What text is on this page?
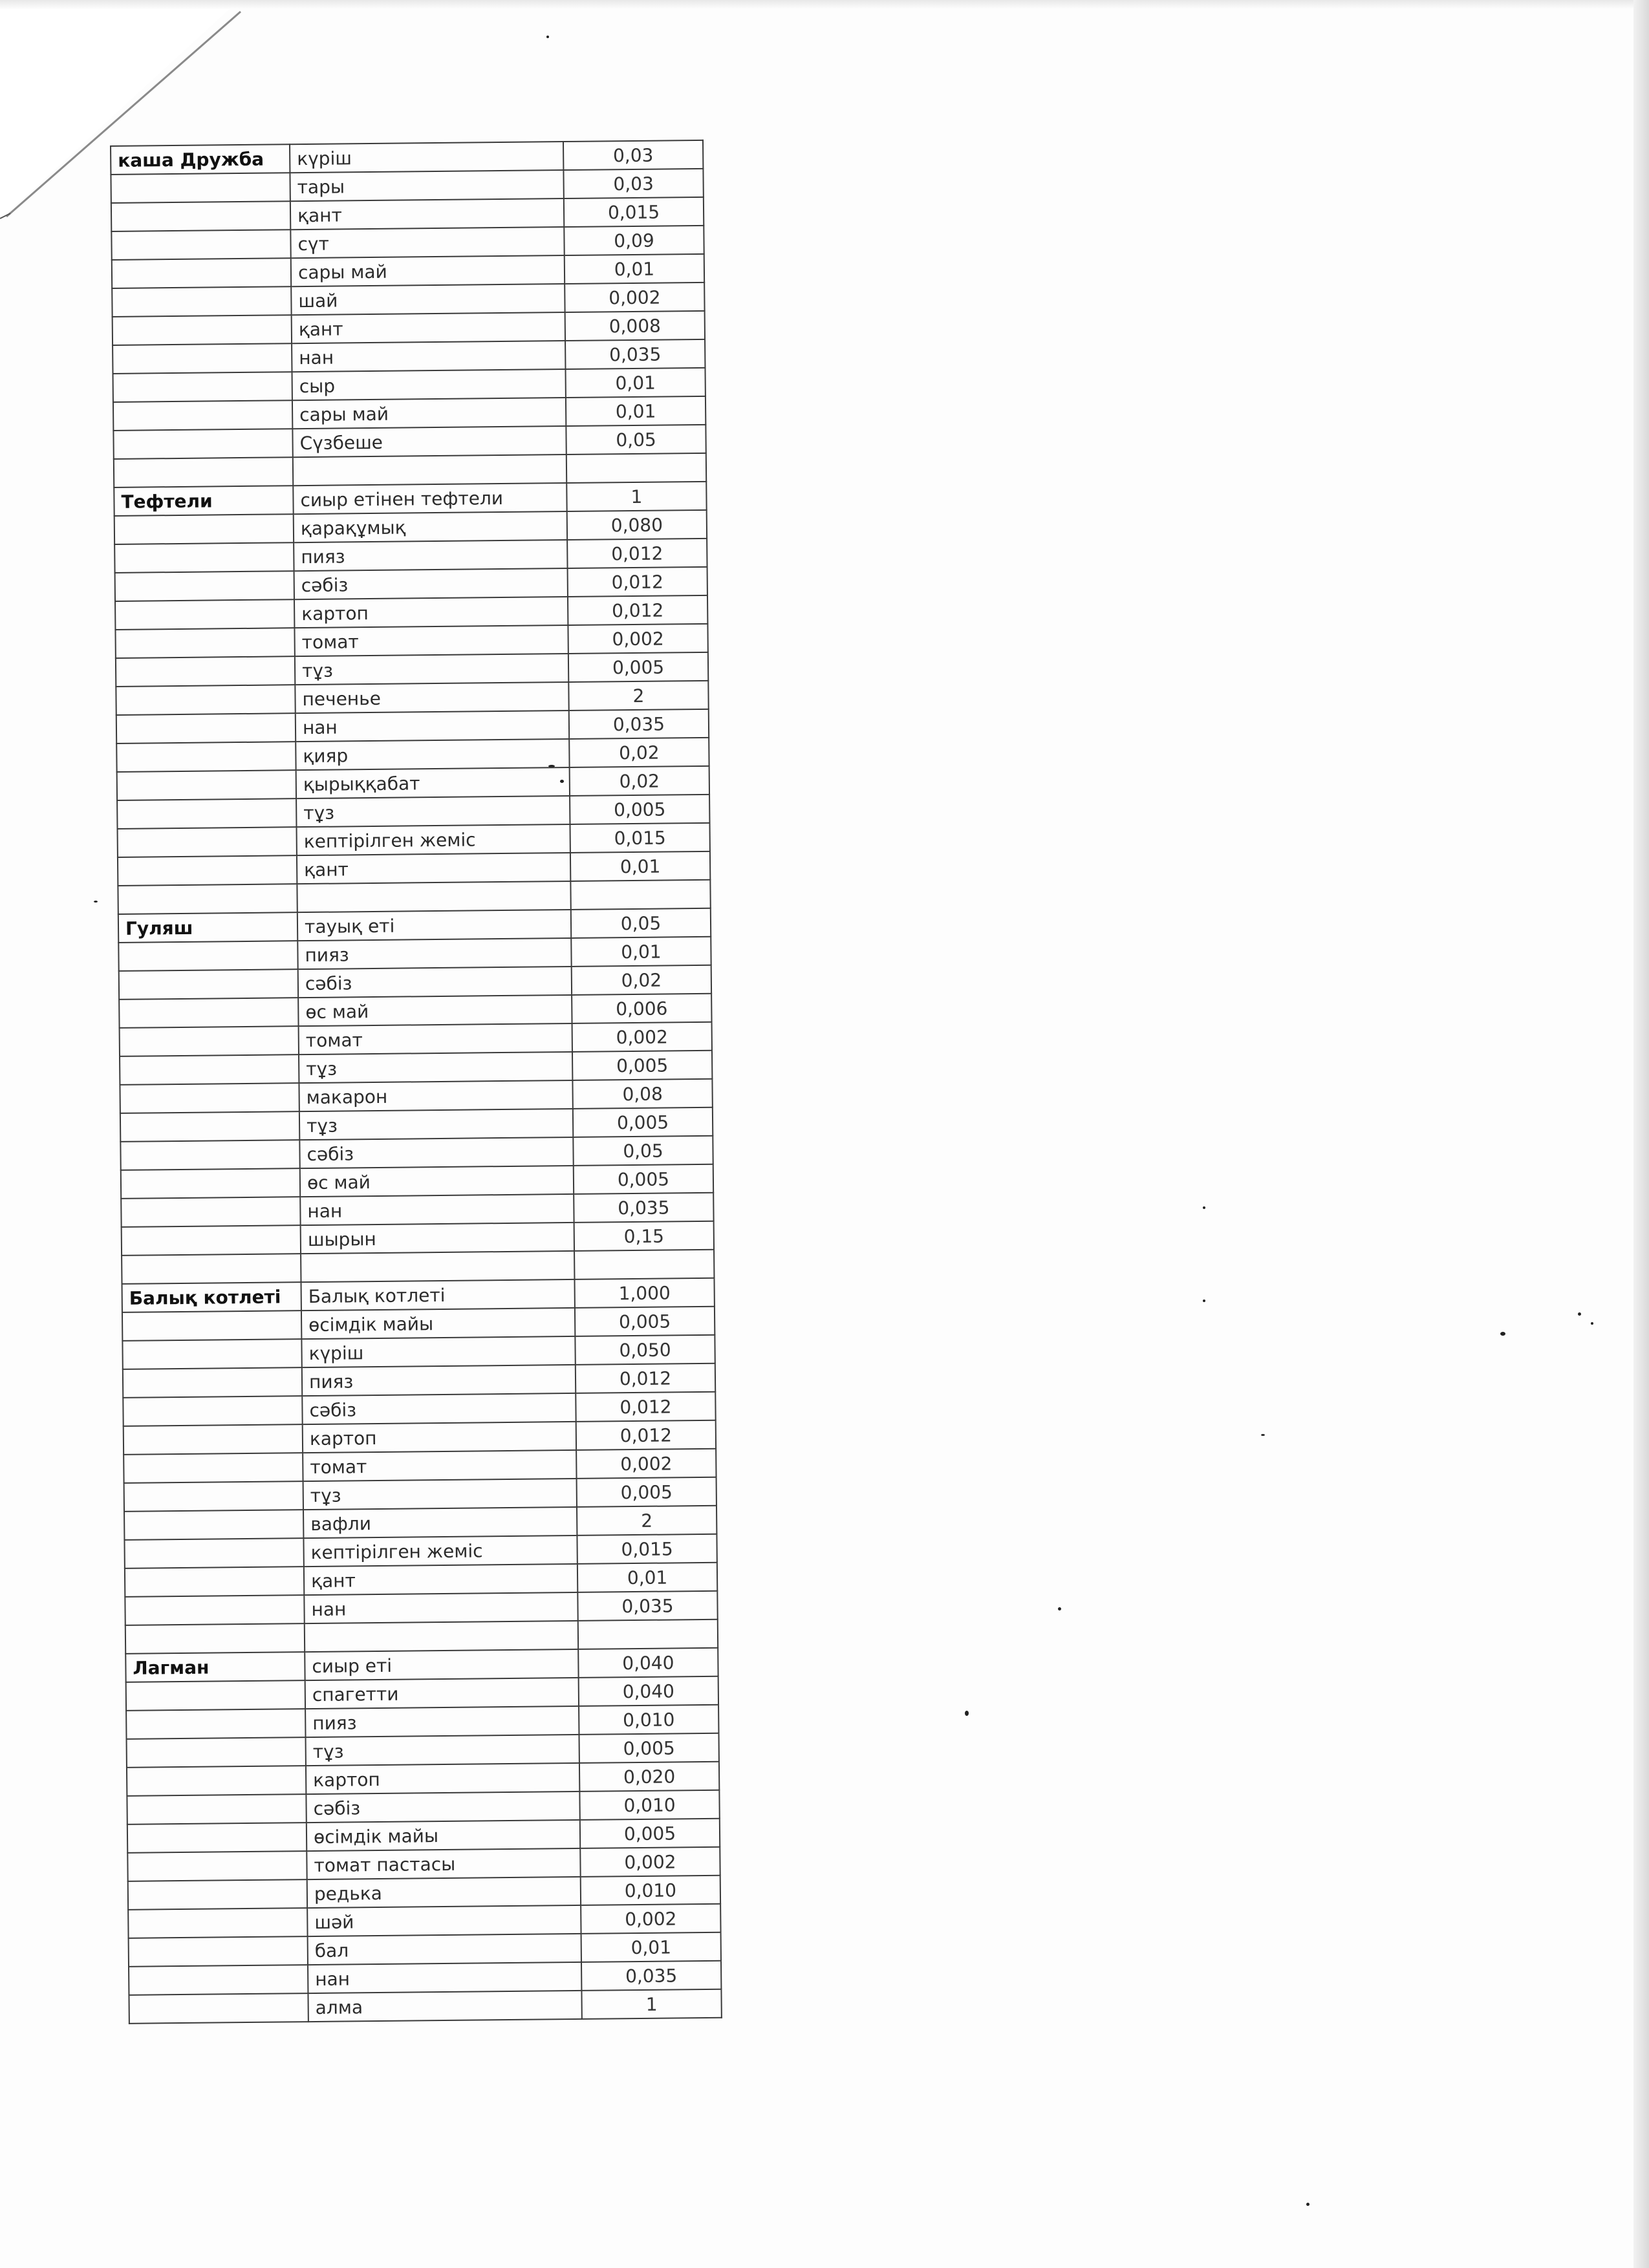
каша Дружба	күріш	0,03
	тары	0,03
	қант	0,015
	сүт	0,09
	сары май	0,01
	шай	0,002
	қант	0,008
	нан	0,035
	сыр	0,01
	сары май	0,01
	Сүзбеше	0,05

Тефтели	сиыр етінен тефтели	1
	қарақұмық	0,080
	пияз	0,012
	сәбіз	0,012
	картоп	0,012
	томат	0,002
	тұз	0,005
	печенье	2
	нан	0,035
	қияр	0,02
	қырыққабат	0,02
	тұз	0,005
	кептірілген жеміс	0,015
	қант	0,01

Гуляш	тауық еті	0,05
	пияз	0,01
	сәбіз	0,02
	өс май	0,006
	томат	0,002
	тұз	0,005
	макарон	0,08
	тұз	0,005
	сәбіз	0,05
	өс май	0,005
	нан	0,035
	шырын	0,15

Балық котлеті	Балық котлеті	1,000
	өсімдік майы	0,005
	күріш	0,050
	пияз	0,012
	сәбіз	0,012
	картоп	0,012
	томат	0,002
	тұз	0,005
	вафли	2
	кептірілген жеміс	0,015
	қант	0,01
	нан	0,035

Лагман	сиыр еті	0,040
	спагетти	0,040
	пияз	0,010
	тұз	0,005
	картоп	0,020
	сәбіз	0,010
	өсімдік майы	0,005
	томат пастасы	0,002
	редька	0,010
	шәй	0,002
	бал	0,01
	нан	0,035
	алма	1
